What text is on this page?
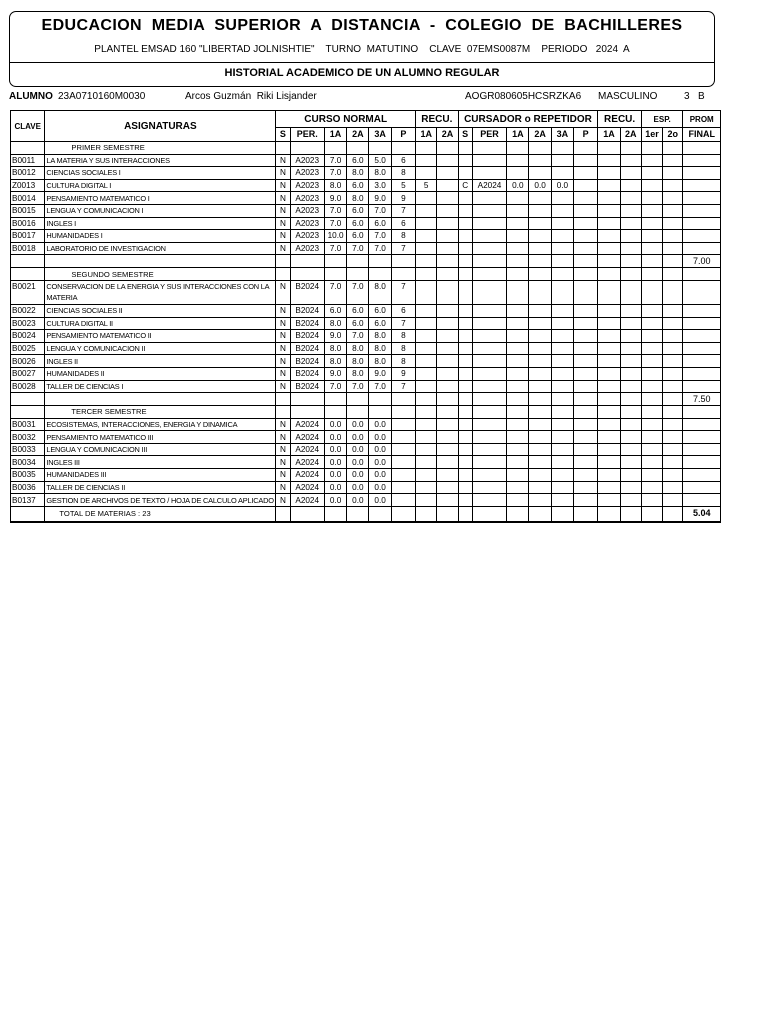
EDUCACION  MEDIA  SUPERIOR  A  DISTANCIA  -  COLEGIO  DE  BACHILLERES
PLANTEL EMSAD 160 "LIBERTAD JOLNISHTIE"    TURNO  MATUTINO    CLAVE  07EMS0087M    PERIODO   2024  A
HISTORIAL ACADEMICO DE UN ALUMNO REGULAR
ALUMNO 23A0710160M0030	Arcos Guzmán  Riki Lisjander	AOGR080605HCSRZKA6 MASCULINO	3 B
CLAVE	ASIGNATURAS	CURSO NORMAL						RECU.		CURSADOR o REPETIDOR						RECU.		ESP.		PROM
		S	PER.	1A	2A	3A	P	1A	2A	S	PER	1A	2A	3A	P	1A	2A	1er	2o	FINAL
	PRIMER SEMESTRE																			
B0011	LA MATERIA Y SUS INTERACCIONES	N	A2023	7.0	6.0	5.0	6													
B0012	CIENCIAS SOCIALES I	N	A2023	7.0	8.0	8.0	8													
Z0013	CULTURA DIGITAL I	N	A2023	8.0	6.0	3.0	5	5		C	A2024	0.0	0.0	0.0						
B0014	PENSAMIENTO MATEMATICO I	N	A2023	9.0	8.0	9.0	9													
B0015	LENGUA Y COMUNICACION I	N	A2023	7.0	6.0	7.0	7													
B0016	INGLES I	N	A2023	7.0	6.0	6.0	6													
B0017	HUMANIDADES I	N	A2023	10.0	6.0	7.0	8													
B0018	LABORATORIO DE INVESTIGACION	N	A2023	7.0	7.0	7.0	7													
																				7.00
	SEGUNDO SEMESTRE																			
B0021	CONSERVACION DE LA ENERGIA Y SUS INTERACCIONES CON LA MATERIA	N	B2024	7.0	7.0	8.0	7													
B0022	CIENCIAS SOCIALES II	N	B2024	6.0	6.0	6.0	6													
B0023	CULTURA DIGITAL II	N	B2024	8.0	6.0	6.0	7													
B0024	PENSAMIENTO MATEMATICO II	N	B2024	9.0	7.0	8.0	8													
B0025	LENGUA Y COMUNICACION II	N	B2024	8.0	8.0	8.0	8													
B0026	INGLES II	N	B2024	8.0	8.0	8.0	8													
B0027	HUMANIDADES II	N	B2024	9.0	8.0	9.0	9													
B0028	TALLER DE CIENCIAS I	N	B2024	7.0	7.0	7.0	7													
																				7.50
	TERCER SEMESTRE																			
B0031	ECOSISTEMAS, INTERACCIONES, ENERGIA Y DINAMICA	N	A2024	0.0	0.0	0.0														
B0032	PENSAMIENTO MATEMATICO III	N	A2024	0.0	0.0	0.0														
B0033	LENGUA Y COMUNICACION III	N	A2024	0.0	0.0	0.0														
B0034	INGLES III	N	A2024	0.0	0.0	0.0														
B0035	HUMANIDADES III	N	A2024	0.0	0.0	0.0														
B0036	TALLER DE CIENCIAS II	N	A2024	0.0	0.0	0.0														
B0137	GESTION DE ARCHIVOS DE TEXTO / HOJA DE CALCULO APLICADO	N	A2024	0.0	0.0	0.0														
	TOTAL DE MATERIAS : 23																			5.04
